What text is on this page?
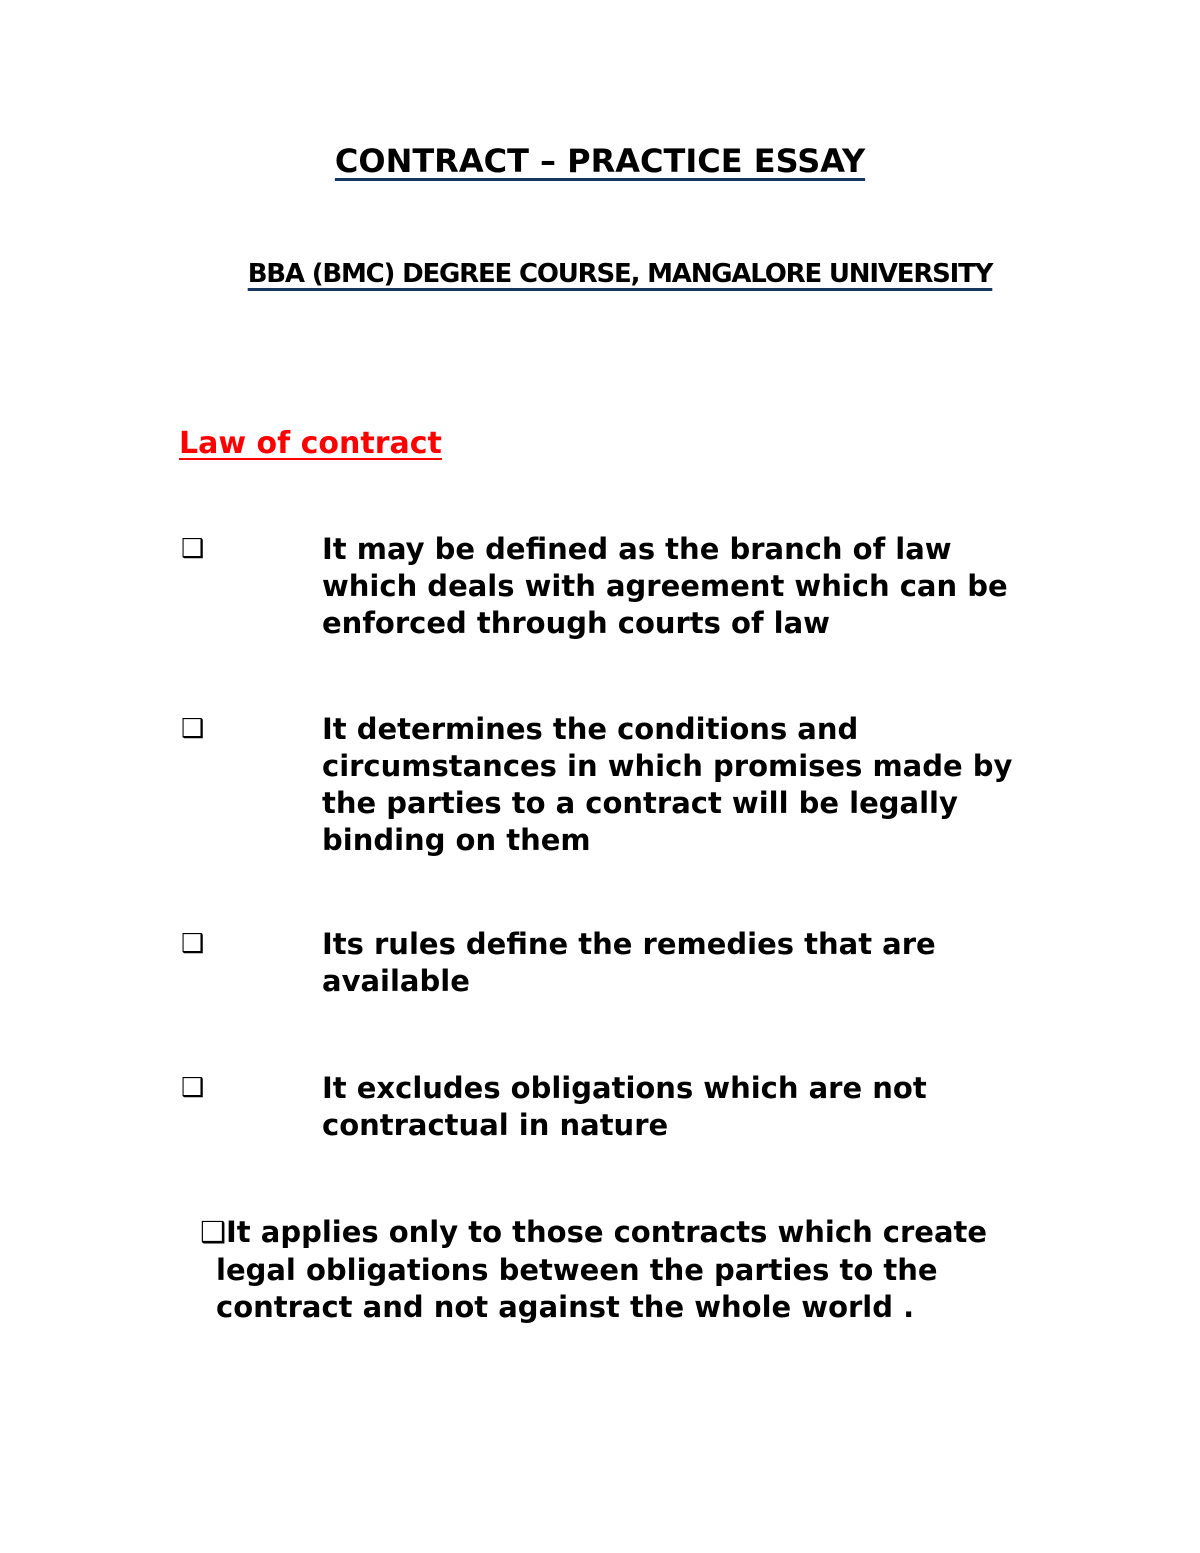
CONTRACT – PRACTICE ESSAY
BBA (BMC) DEGREE COURSE, MANGALORE UNIVERSITY
Law of contract
❑	It may be defined as the branch of law which deals with agreement which can be enforced through courts of law
❑	It determines the conditions and circumstances in which promises made by the parties to a contract will be legally binding on them
❑	Its rules define the remedies that are available
❑	It excludes obligations which are not contractual in nature
❑It applies only to those contracts which create legal obligations between the parties to the contract and not against the whole world .
